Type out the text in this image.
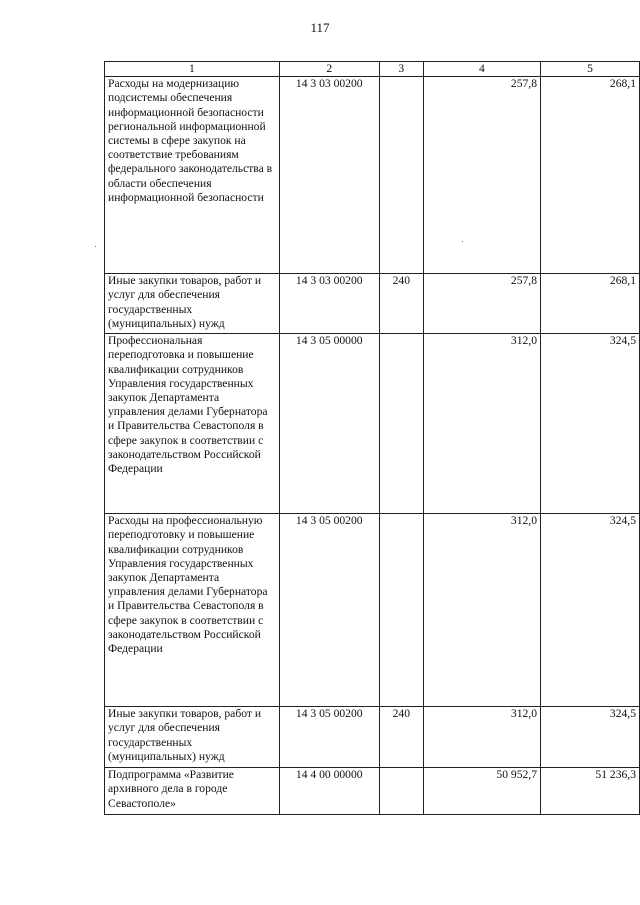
117
1	2	3	4	5
Расходы на модернизацию подсистемы обеспечения информационной безопасности региональной информационной системы в сфере закупок на соответствие требованиям федерального законодательства в области обеспечения информационной безопасности	14 3 03 00200		257,8	268,1
Иные закупки товаров, работ и услуг для обеспечения государственных (муниципальных) нужд	14 3 03 00200	240	257,8	268,1
Профессиональная переподготовка и повышение квалификации сотрудников Управления государственных закупок Департамента управления делами Губернатора и Правительства Севастополя в сфере закупок в соответствии с законодательством Российской Федерации	14 3 05 00000		312,0	324,5
Расходы на профессиональную переподготовку и повышение квалификации сотрудников Управления государственных закупок Департамента управления делами Губернатора и Правительства Севастополя в сфере закупок в соответствии с законодательством Российской Федерации	14 3 05 00200		312,0	324,5
Иные закупки товаров, работ и услуг для обеспечения государственных (муниципальных) нужд	14 3 05 00200	240	312,0	324,5
Подпрограмма «Развитие архивного дела в городе Севастополе»	14 4 00 00000		50 952,7	51 236,3
